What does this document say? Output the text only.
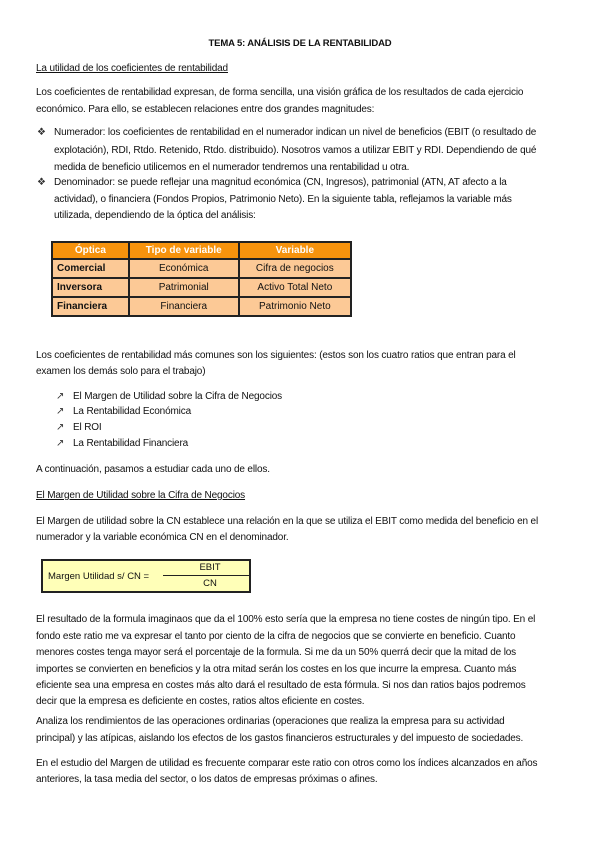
TEMA 5: ANÁLISIS DE LA RENTABILIDAD
La utilidad de los coeficientes de rentabilidad
Los coeficientes de rentabilidad expresan, de forma sencilla, una visión gráfica de los resultados de cada ejercicio
económico. Para ello, se establecen relaciones entre dos grandes magnitudes:
❖ Numerador: los coeficientes de rentabilidad en el numerador indican un nivel de beneficios (EBIT (o resultado de
explotación), RDI, Rtdo. Retenido, Rtdo. distribuido). Nosotros vamos a utilizar EBIT y RDI. Dependiendo de qué
medida de beneficio utilicemos en el numerador tendremos una rentabilidad u otra.
❖ Denominador: se puede reflejar una magnitud económica (CN, Ingresos), patrimonial (ATN, AT afecto a la
actividad), o financiera (Fondos Propios, Patrimonio Neto). En la siguiente tabla, reflejamos la variable más
utilizada, dependiendo de la óptica del análisis:
Óptica	Tipo de variable	Variable
Comercial	Económica	Cifra de negocios
Inversora	Patrimonial	Activo Total Neto
Financiera	Financiera	Patrimonio Neto
Los coeficientes de rentabilidad más comunes son los siguientes: (estos son los cuatro ratios que entran para el
examen los demás solo para el trabajo)
↗ El Margen de Utilidad sobre la Cifra de Negocios
↗ La Rentabilidad Económica
↗ El ROI
↗ La Rentabilidad Financiera
A continuación, pasamos a estudiar cada uno de ellos.
El Margen de Utilidad sobre la Cifra de Negocios
El Margen de utilidad sobre la CN establece una relación en la que se utiliza el EBIT como medida del beneficio en el
numerador y la variable económica CN en el denominador.
Margen Utilidad s/ CN =
EBIT
CN
El resultado de la formula imaginaos que da el 100% esto sería que la empresa no tiene costes de ningún tipo. En el
fondo este ratio me va expresar el tanto por ciento de la cifra de negocios que se convierte en beneficio. Cuanto
menores costes tenga mayor será el porcentaje de la formula. Si me da un 50% querrá decir que la mitad de los
importes se convierten en beneficios y la otra mitad serán los costes en los que incurre la empresa. Cuanto más
eficiente sea una empresa en costes más alto dará el resultado de esta fórmula. Si nos dan ratios bajos podremos
decir que la empresa es deficiente en costes, ratios altos eficiente en costes.
Analiza los rendimientos de las operaciones ordinarias (operaciones que realiza la empresa para su actividad
principal) y las atípicas, aislando los efectos de los gastos financieros estructurales y del impuesto de sociedades.
En el estudio del Margen de utilidad es frecuente comparar este ratio con otros como los índices alcanzados en años
anteriores, la tasa media del sector, o los datos de empresas próximas o afines.
